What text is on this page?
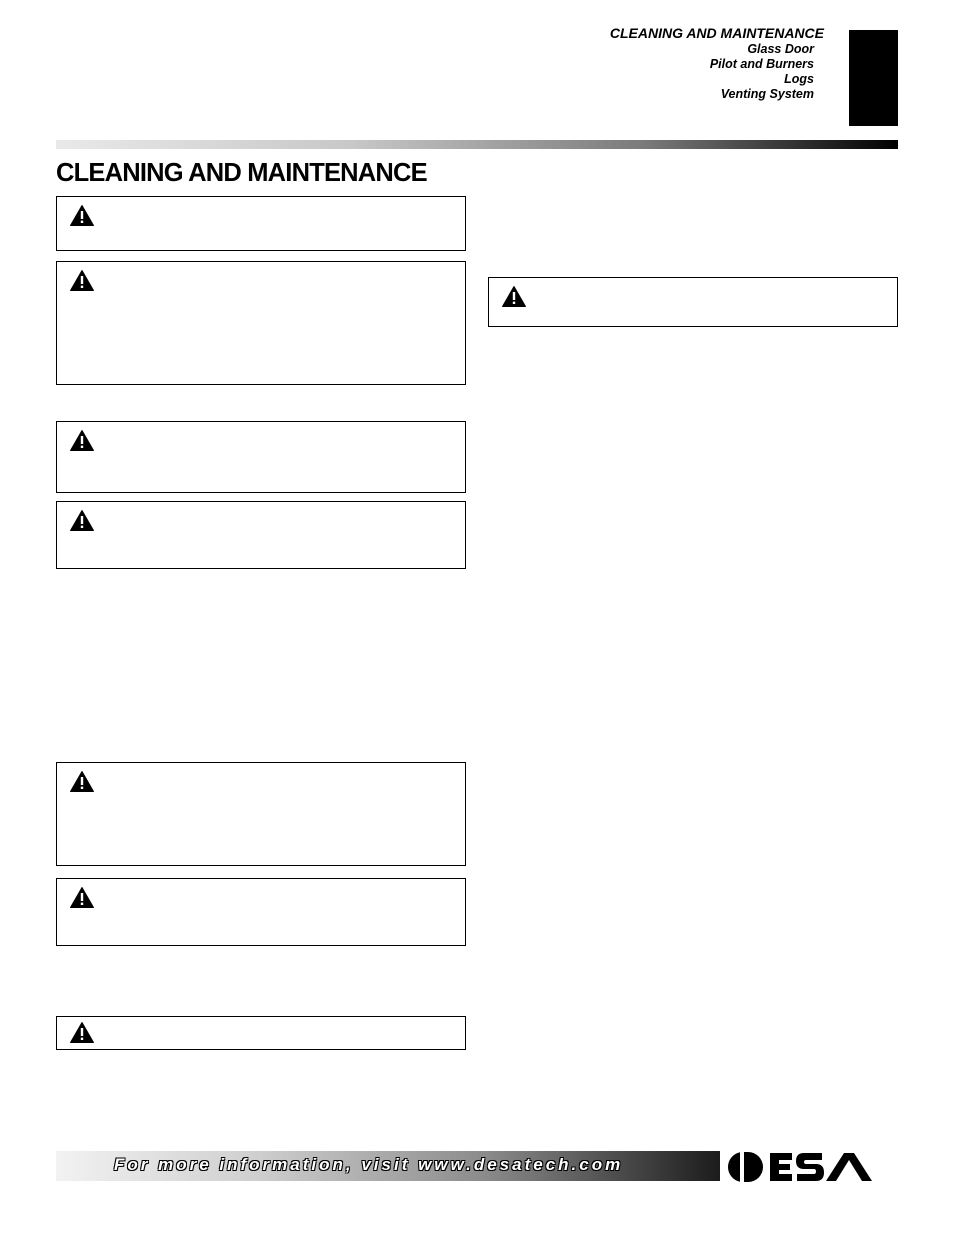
CLEANING AND MAINTENANCE
Glass Door
Pilot and Burners
Logs
Venting System
CLEANING AND MAINTENANCE
For more information, visit www.desatech.com
